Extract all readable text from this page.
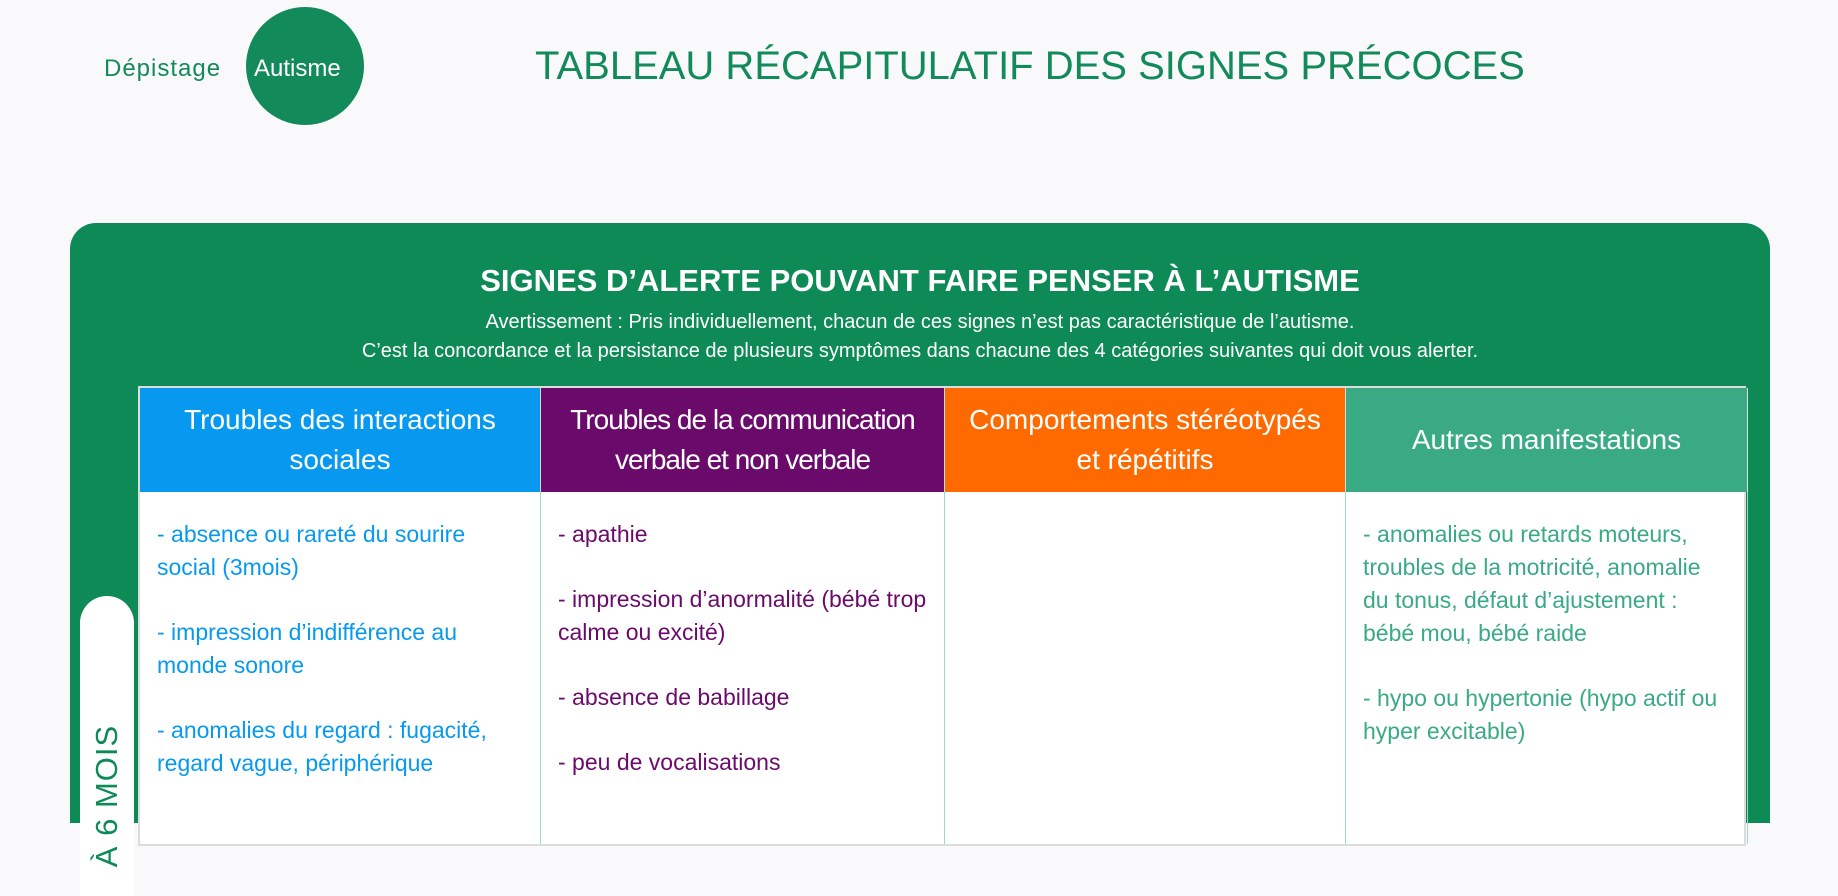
Dépistage Autisme	TABLEAU RÉCAPITULATIF DES SIGNES PRÉCOCES
SIGNES D’ALERTE POUVANT FAIRE PENSER À L’AUTISME
Avertissement : Pris individuellement, chacun de ces signes n’est pas caractéristique de l’autisme.
C’est la concordance et la persistance de plusieurs symptômes dans chacune des 4 catégories suivantes qui doit vous alerter.
À 6 MOIS
Troubles des interactions sociales
Troubles de la communication verbale et non verbale
Comportements stéréotypés et répétitifs
Autres manifestations

- absence ou rareté du sourire social (3mois)

- impression d’indifférence au monde sonore

- anomalies du regard : fugacité, regard vague, périphérique

- apathie

- impression d’anormalité (bébé trop calme ou excité)

- absence de babillage

- peu de vocalisations

- anomalies ou retards moteurs, troubles de la motricité, anomalie du tonus, défaut d’ajustement : bébé mou, bébé raide

- hypo ou hypertonie (hypo actif ou hyper excitable)
